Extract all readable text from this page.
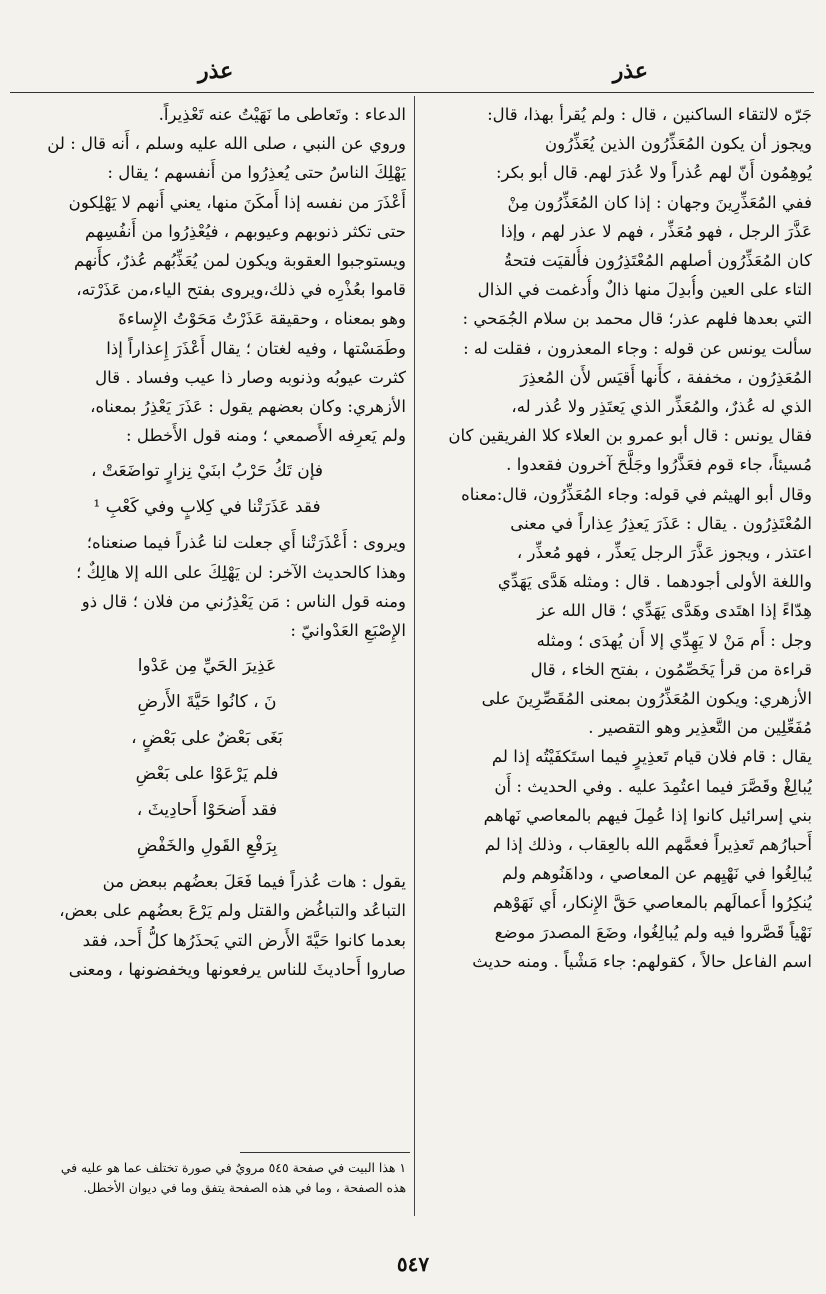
عذر
عذر

جَرّه لالتقاء الساكنين ، قال : ولم يُقرأ بهذا، قال:

ويجوز أن يكون المُعَذِّرُون الذين يُعَذِّرُون

يُوهِمُون أَنّ لهم عُذراً ولا عُذرَ لهم. قال أبو بكر:

ففي المُعَذِّرِينَ وجهان : إذا كان المُعَذِّرُون مِنْ

عَذَّرَ الرجل ، فهو مُعَذِّر ، فهم لا عذر لهم ، وإذا

كان المُعَذِّرُون أصلهم المُعْتَذِرُون فأُلقيَت فتحةُ

التاء على العين وأُبدِلَ منها ذالٌ وأُدغمت في الذال

التي بعدها فلهم عذر؛ قال محمد بن سلام الجُمَحي :

سألت يونس عن قوله : وجاء المعذرون ، فقلت له :

المُعَذِرُون ، مخففة ، كأَنها أَقيَس لأَن المُعذِرَ

الذي له عُذرٌ، والمُعَذِّر الذي يَعتَذِر ولا عُذر له،

فقال يونس : قال أبو عمرو بن العلاء كلا الفريقين كان

مُسيئاً، جاء قوم فعَذَّرُوا وجَلَّحَ آخرون فقعدوا .

وقال أبو الهيثم في قوله: وجاء المُعَذِّرُون، قال:معناه

المُعْتَذِرُون . يقال : عَذَرَ يَعذِرُ عِذاراً في معنى

اعتذر ، ويجوز عَذَّرَ الرجل يَعذِّر ، فهو مُعذِّر ،

واللغة الأولى أجودهما . قال : ومثله هَدَّى يَهَدِّي

هِدّاءً إذا اهتَدى وهَدَّى يَهَدِّي ؛ قال الله عز

وجل : أَم مَنْ لا يَهِدِّي إلا أَن يُهدَى ؛ ومثله

قراءة من قرأ يَخَصِّمُون ، بفتح الخاء ، قال

الأزهري: ويكون المُعَذِّرُون بمعنى المُقَصِّرِينَ على

مُفَعِّلِين من التَّعذِير وهو التقصير .

يقال : قام فلان قيام تَعذِيرٍ فيما استَكفَيْتُه إذا لم

يُبالِغْ وقَصَّرَ فيما اعتُمِدَ عليه . وفي الحديث : أَن

بني إسرائيل كانوا إذا عُمِلَ فيهم بالمعاصي نَهاهم

أَحبارُهم تَعذِيراً فعمَّهم الله بالعِقاب ، وذلك إذا لم

يُبالِغُوا في نَهْيِهم عن المعاصي ، وداهَنُوهم ولم

يُنكِرُوا أَعمالَهم بالمعاصي حَقَّ الإِنكار، أَي نَهَوْهم

نَهْياً قَصَّروا فيه ولم يُبالِغُوا، وضَعَ المصدرَ موضع

اسم الفاعل حالاً ، كقولهم: جاء مَشْياً . ومنه حديث

الدعاء : وتَعاطى ما نَهَيْتُ عنه تَعْذِيراً.

وروي عن النبي ، صلى الله عليه وسلم ، أَنه قال : لن

يَهْلِكَ الناسُ حتى يُعذِرُوا من أَنفسهم ؛ يقال :

أَعْذَرَ من نفسه إذا أَمكَنَ منها، يعني أَنهم لا يَهْلِكون

حتى تكثر ذنوبهم وعيوبهم ، فيُعْذِرُوا من أَنفُسِهم

ويستوجبوا العقوبة ويكون لمن يُعَذِّبُهم عُذرٌ، كأَنهم

قاموا بعُذْرِه في ذلك،ويروى بفتح الياء،من عَذَرْته،

وهو بمعناه ، وحقيقة عَذَرْتُ مَحَوْتُ الإِساءةَ

وطَمَسْتها ، وفيه لغتان ؛ يقال أَعْذَرَ إِعذاراً إذا

كثرت عيوبُه وذنوبه وصار ذا عيب وفساد . قال

الأزهري: وكان بعضهم يقول : عَذَرَ يَعْذِرُ بمعناه،

ولم يَعرِفه الأَصمعي ؛ ومنه قول الأَخطل :

فإن تَكُ حَرْبُ ابنَيْ نِزارٍ تواضَعَتْ ،
فقد عَذَرَتْنا في كِلابٍ وفي كَعْبِ ¹

ويروى : أَعْذَرَتْنا أَي جعلت لنا عُذراً فيما صنعناه؛

وهذا كالحديث الآخر: لن يَهْلِكَ على الله إلا هالِكٌ ؛

ومنه قول الناس : مَن يَعْذِرُني من فلان ؛ قال ذو

الإِصْبَعِ العَدْوانيّ :

عَذِيرَ الحَيِّ مِن عَدْوا
نَ ، كانُوا حَيَّةَ الأَرضِ
بَغَى بَعْضٌ على بَعْضٍ ،
فلم يَرْعَوْا على بَعْضِ
فقد أَضحَوْا أَحادِيثَ ،
بِرَفْعِ القَولِ والخَفْضِ

يقول : هات عُذراً فيما فَعَلَ بعضُهم ببعض من

التباعُد والتباغُض والقتل ولم يَرْعَ بعضُهم على بعض،

بعدما كانوا حَيَّةَ الأَرض التي يَحذَرُها كلُّ أَحد، فقد

صاروا أَحاديثَ للناس يرفعونها ويخفضونها ، ومعنى

١ هذا البيت في صفحة ٥٤٥ مرويٌ في صورة تختلف عما هو عليه في
هذه الصفحة ، وما في هذه الصفحة يتفق وما في ديوان الأخطل.
٥٤٧
